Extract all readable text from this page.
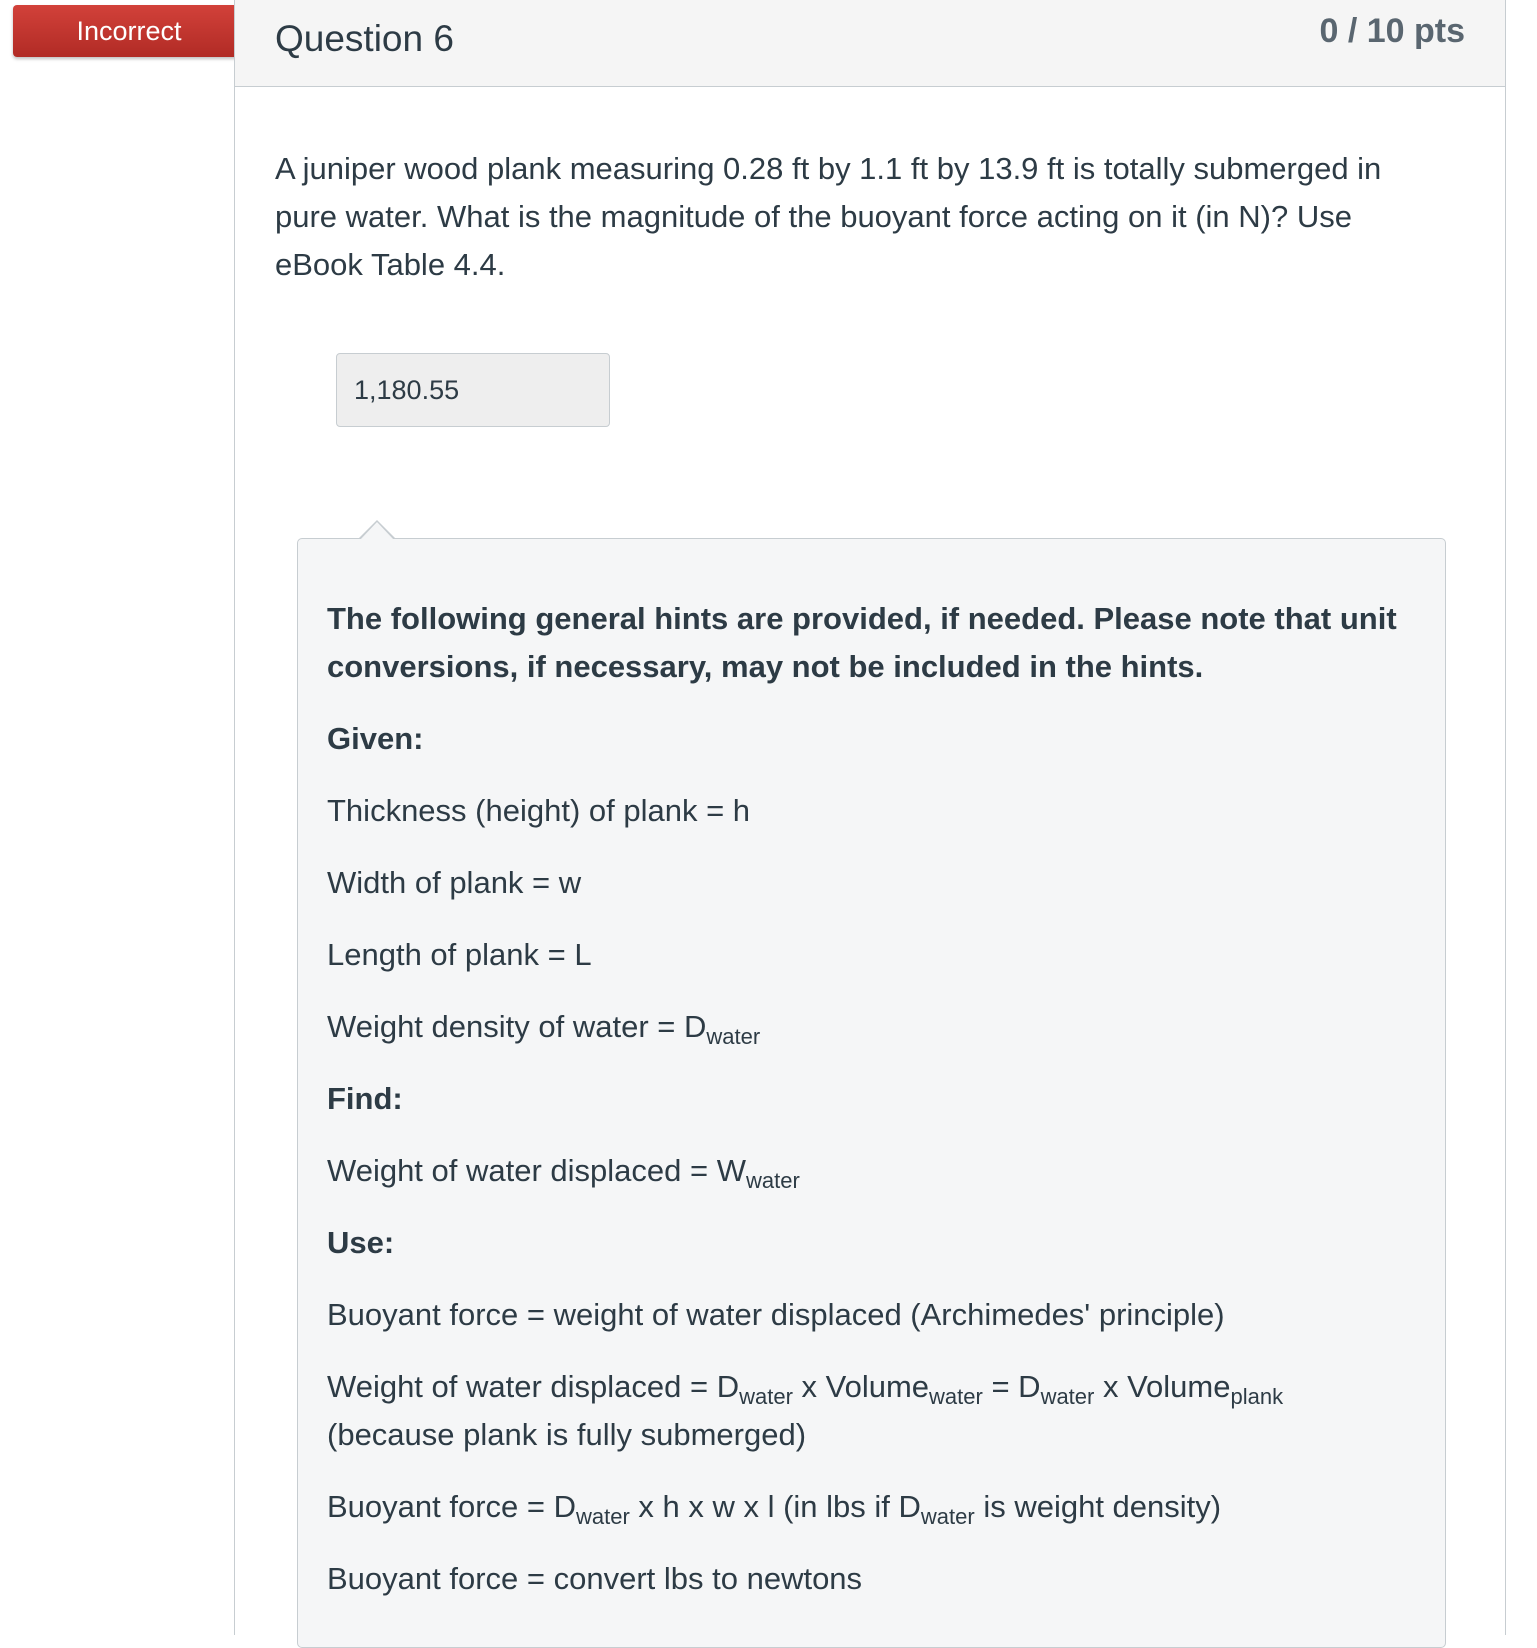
Incorrect	Question 6	0 / 10 pts
A juniper wood plank measuring 0.28 ft by 1.1 ft by 13.9 ft is totally submerged in
pure water. What is the magnitude of the buoyant force acting on it (in N)? Use
eBook Table 4.4.
1,180.55
The following general hints are provided, if needed. Please note that unit
conversions, if necessary, may not be included in the hints.
Given:
Thickness (height) of plank = h
Width of plank = w
Length of plank = L
Weight density of water = $D_{water}$
Find:
Weight of water displaced = $W_{water}$
Use:
Buoyant force = weight of water displaced (Archimedes' principle)
Weight of water displaced = $D_{water}$ x Volume$_{water}$ = $D_{water}$ x Volume$_{plank}$
(because plank is fully submerged)
Buoyant force = $D_{water}$ x h x w x l (in lbs if $D_{water}$ is weight density)
Buoyant force = convert lbs to newtons
